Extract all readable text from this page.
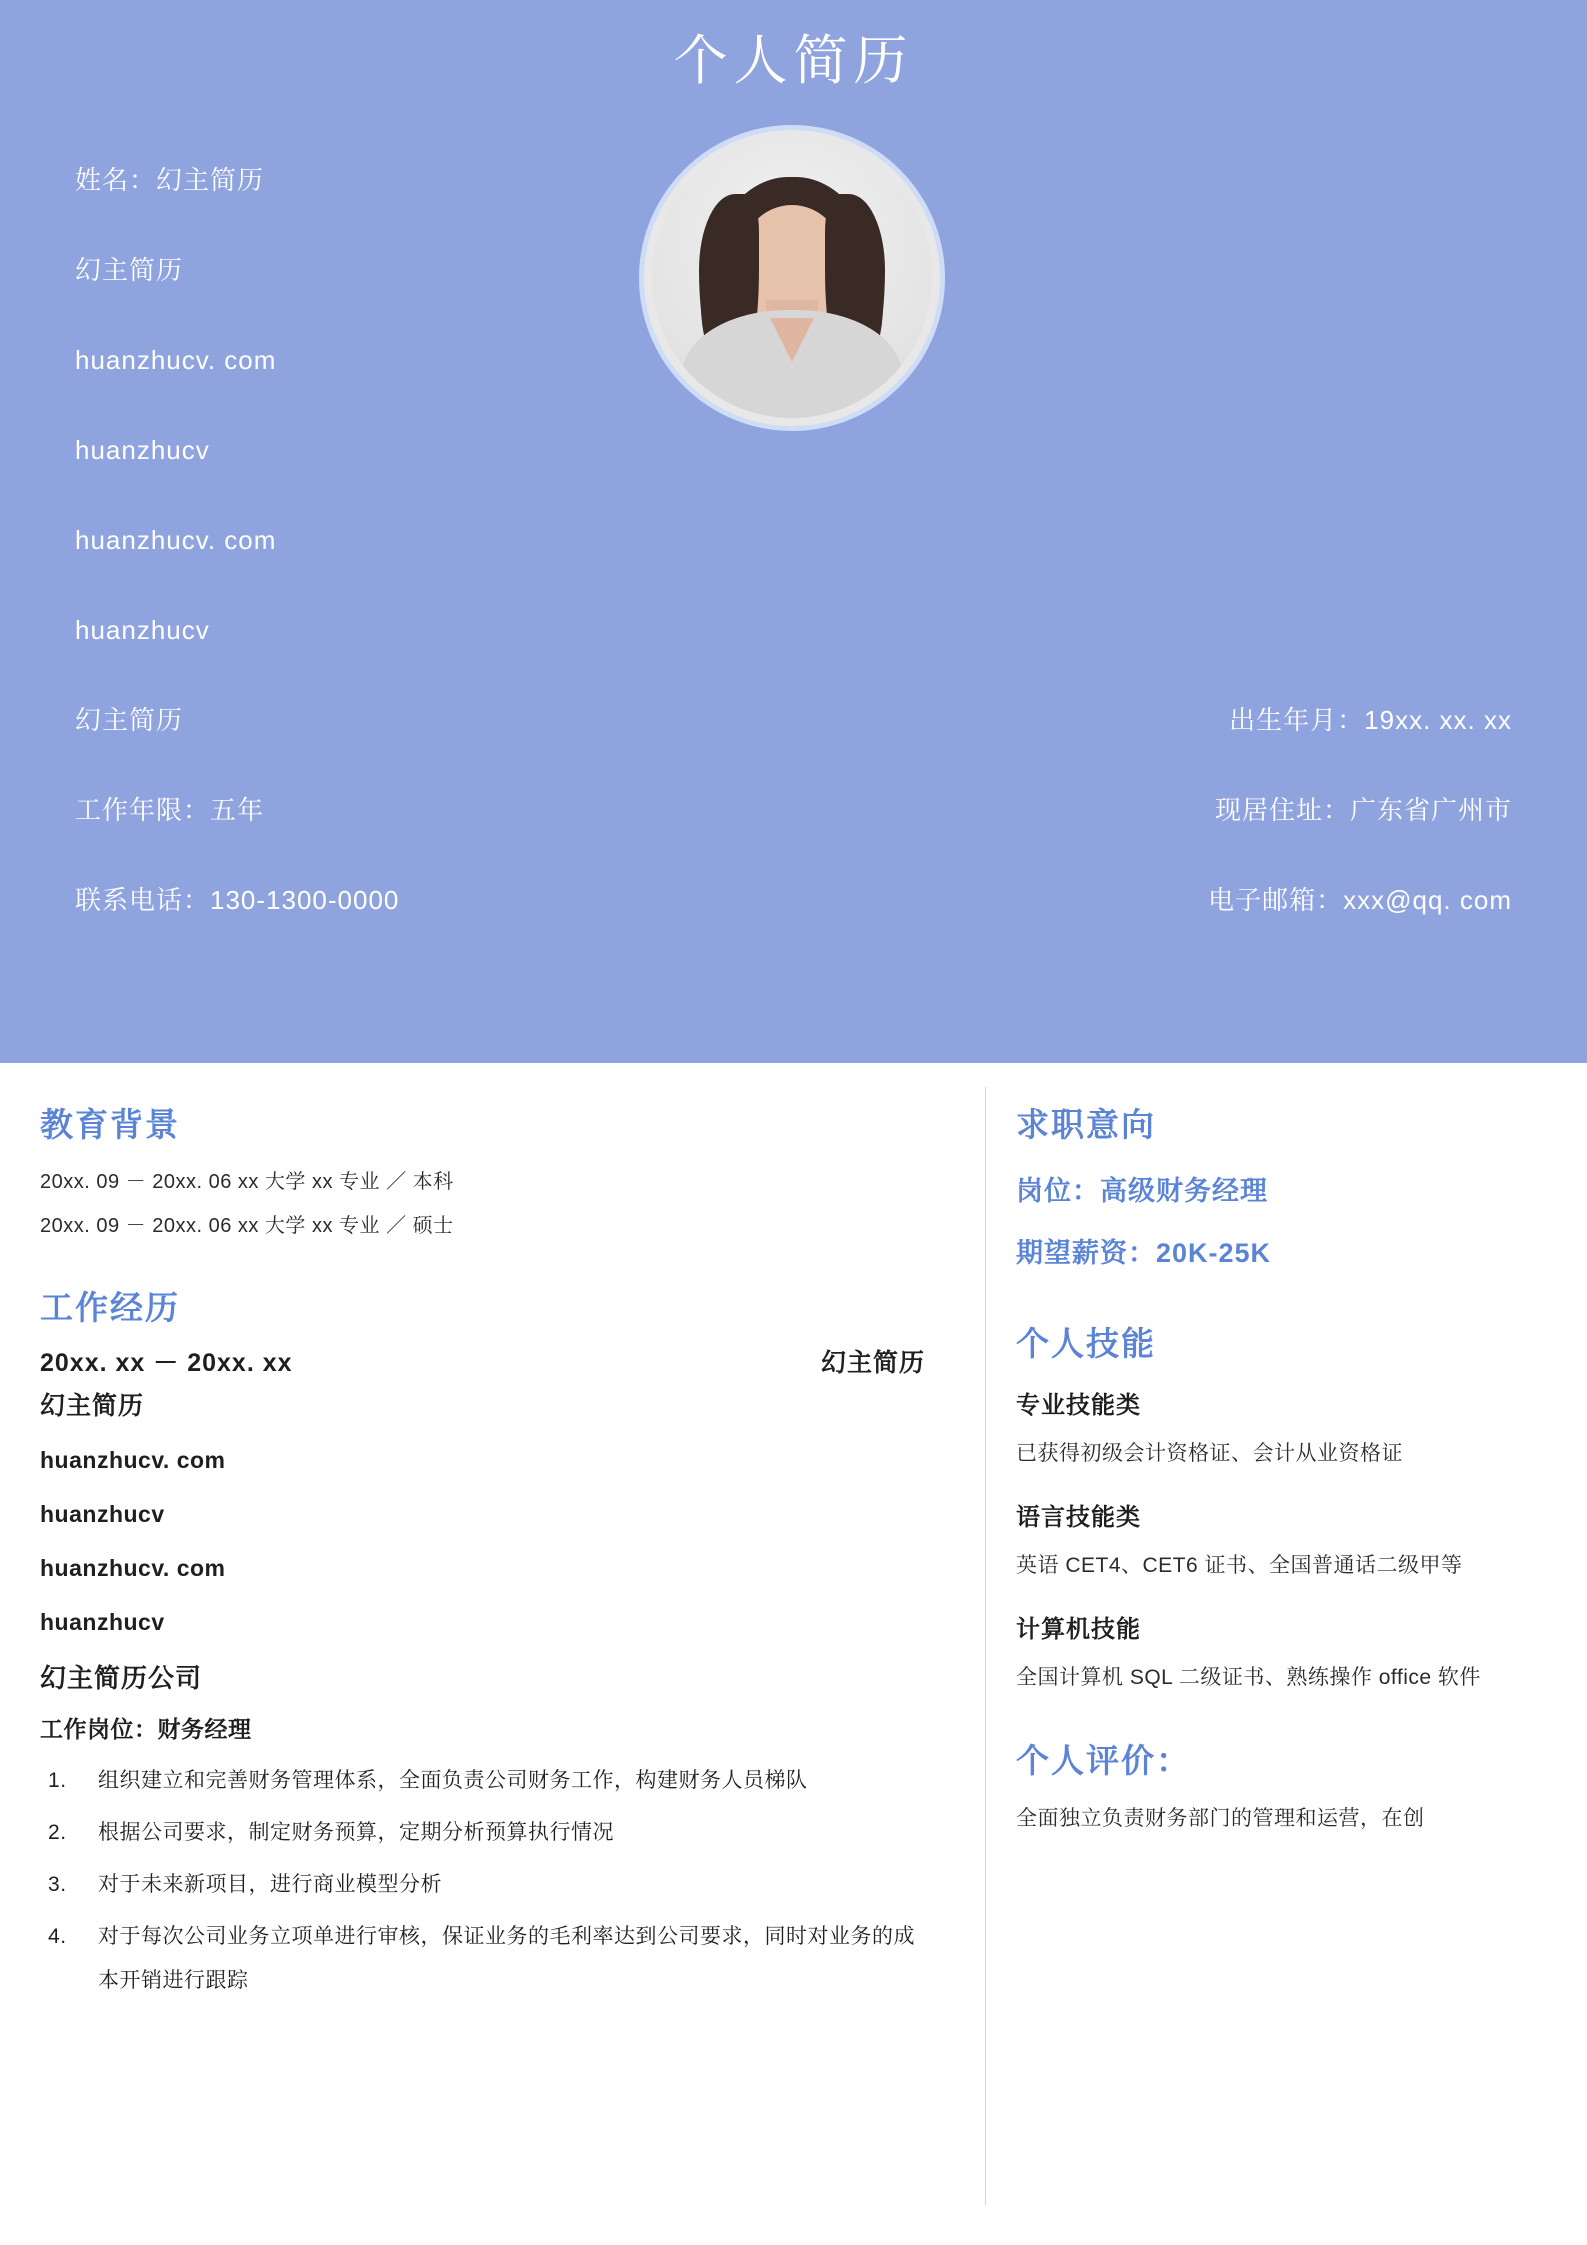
个人简历
姓名：幻主简历
幻主简历
huanzhucv. com
huanzhucv
huanzhucv. com
huanzhucv
幻主简历
工作年限：五年
联系电话：130-1300-0000
出生年月：19xx. xx. xx
现居住址：广东省广州市
电子邮箱：xxx@qq. com
教育背景
20xx. 09 － 20xx. 06 xx 大学 xx 专业 ／ 本科
20xx. 09 － 20xx. 06 xx 大学 xx 专业 ／ 硕士
工作经历
20xx. xx － 20xx. xx	幻主简历
幻主简历
huanzhucv. com
huanzhucv
huanzhucv. com
huanzhucv
幻主简历公司
工作岗位：财务经理
组织建立和完善财务管理体系，全面负责公司财务工作，构建财务人员梯队
根据公司要求，制定财务预算，定期分析预算执行情况
对于未来新项目，进行商业模型分析
对于每次公司业务立项单进行审核，保证业务的毛利率达到公司要求，同时对业务的成本开销进行跟踪
求职意向
岗位：高级财务经理
期望薪资：20K-25K
个人技能
专业技能类
已获得初级会计资格证、会计从业资格证
语言技能类
英语 CET4、CET6 证书、全国普通话二级甲等
计算机技能
全国计算机 SQL 二级证书、熟练操作 office 软件
个人评价：
全面独立负责财务部门的管理和运营，在创
